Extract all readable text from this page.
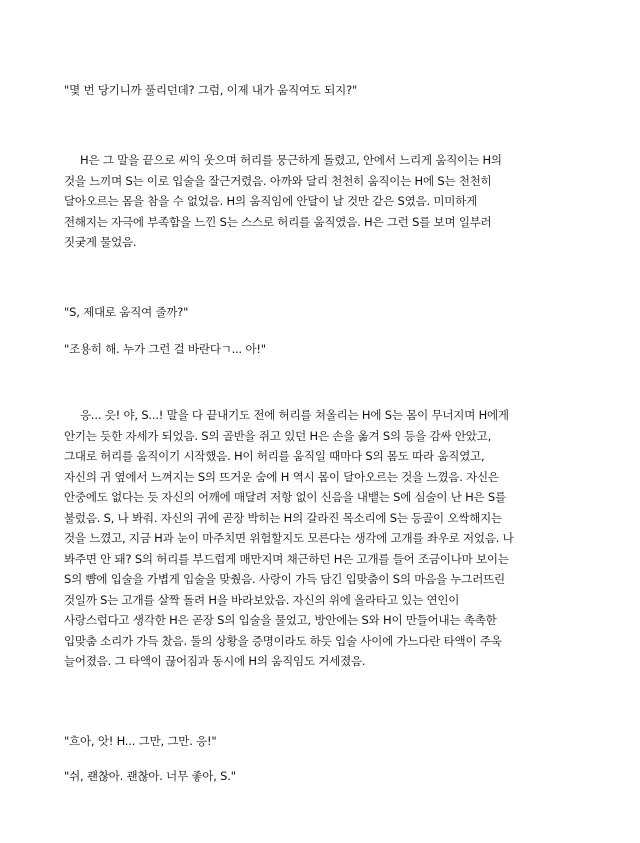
"몇 번 당기니까 풀리던데? 그럼, 이제 내가 움직여도 되지?"
H은 그 말을 끝으로 씨익 웃으며 허리를 뭉근하게 돌렸고, 안에서 느리게 움직이는 H의
것을 느끼며 S는 이로 입술을 잘근거렸음. 아까와 달리 천천히 움직이는 H에 S는 천천히
달아오르는 몸을 참을 수 없었음. H의 움직임에 안달이 날 것만 같은 S였음. 미미하게
전해지는 자극에 부족함을 느낀 S는 스스로 허리를 움직였음. H은 그런 S를 보며 일부러
짓궂게 물었음.
"S, 제대로 움직여 줄까?"
"조용히 해. 누가 그런 걸 바란다ㄱ... 아!"
응... 읏! 야, S...! 말을 다 끝내기도 전에 허리를 쳐올리는 H에 S는 몸이 무너지며 H에게
안기는 듯한 자세가 되었음. S의 골반을 쥐고 있던 H은 손을 옮겨 S의 등을 감싸 안았고,
그대로 허리를 움직이기 시작했음. H이 허리를 움직일 때마다 S의 몸도 따라 움직였고,
자신의 귀 옆에서 느껴지는 S의 뜨거운 숨에 H 역시 몸이 달아오르는 것을 느꼈음. 자신은
안중에도 없다는 듯 자신의 어깨에 매달려 저항 없이 신음을 내뱉는 S에 심술이 난 H은 S를
불렀음. S, 나 봐줘. 자신의 귀에 곧장 박히는 H의 갈라진 목소리에 S는 등골이 오싹해지는
것을 느꼈고, 지금 H과 눈이 마주치면 위험할지도 모른다는 생각에 고개를 좌우로 저었음. 나
봐주면 안 돼? S의 허리를 부드럽게 매만지며 채근하던 H은 고개를 들어 조금이나마 보이는
S의 뺨에 입술을 가볍게 입술을 맞췄음. 사랑이 가득 담긴 입맞춤이 S의 마음을 누그러뜨린
것일까 S는 고개를 살짝 돌려 H을 바라보았음. 자신의 위에 올라타고 있는 연인이
사랑스럽다고 생각한 H은 곧장 S의 입술을 물었고, 방안에는 S와 H이 만들어내는 촉촉한
입맞춤 소리가 가득 찼음. 둘의 상황을 증명이라도 하듯 입술 사이에 가느다란 타액이 주욱
늘어졌음. 그 타액이 끊어짐과 동시에 H의 움직임도 거세졌음.
"흐아, 앗! H... 그만, 그만. 응!"
"쉬, 괜찮아. 괜찮아. 너무 좋아, S."
